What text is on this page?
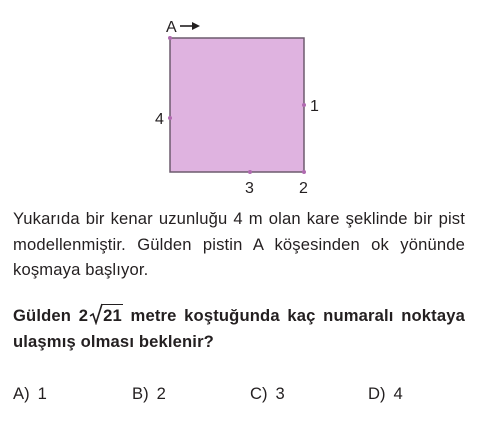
A
1
2
3
4
Yukarıda bir kenar uzunluğu 4 m olan kare şeklinde bir pist modellenmiştir. Gülden pistin A köşesinden ok yönünde koşmaya başlıyor.
Gülden 2 21 metre koştuğunda kaç numaralı noktaya ulaşmış olması beklenir?
A) 1	B) 2	C) 3	D) 4
